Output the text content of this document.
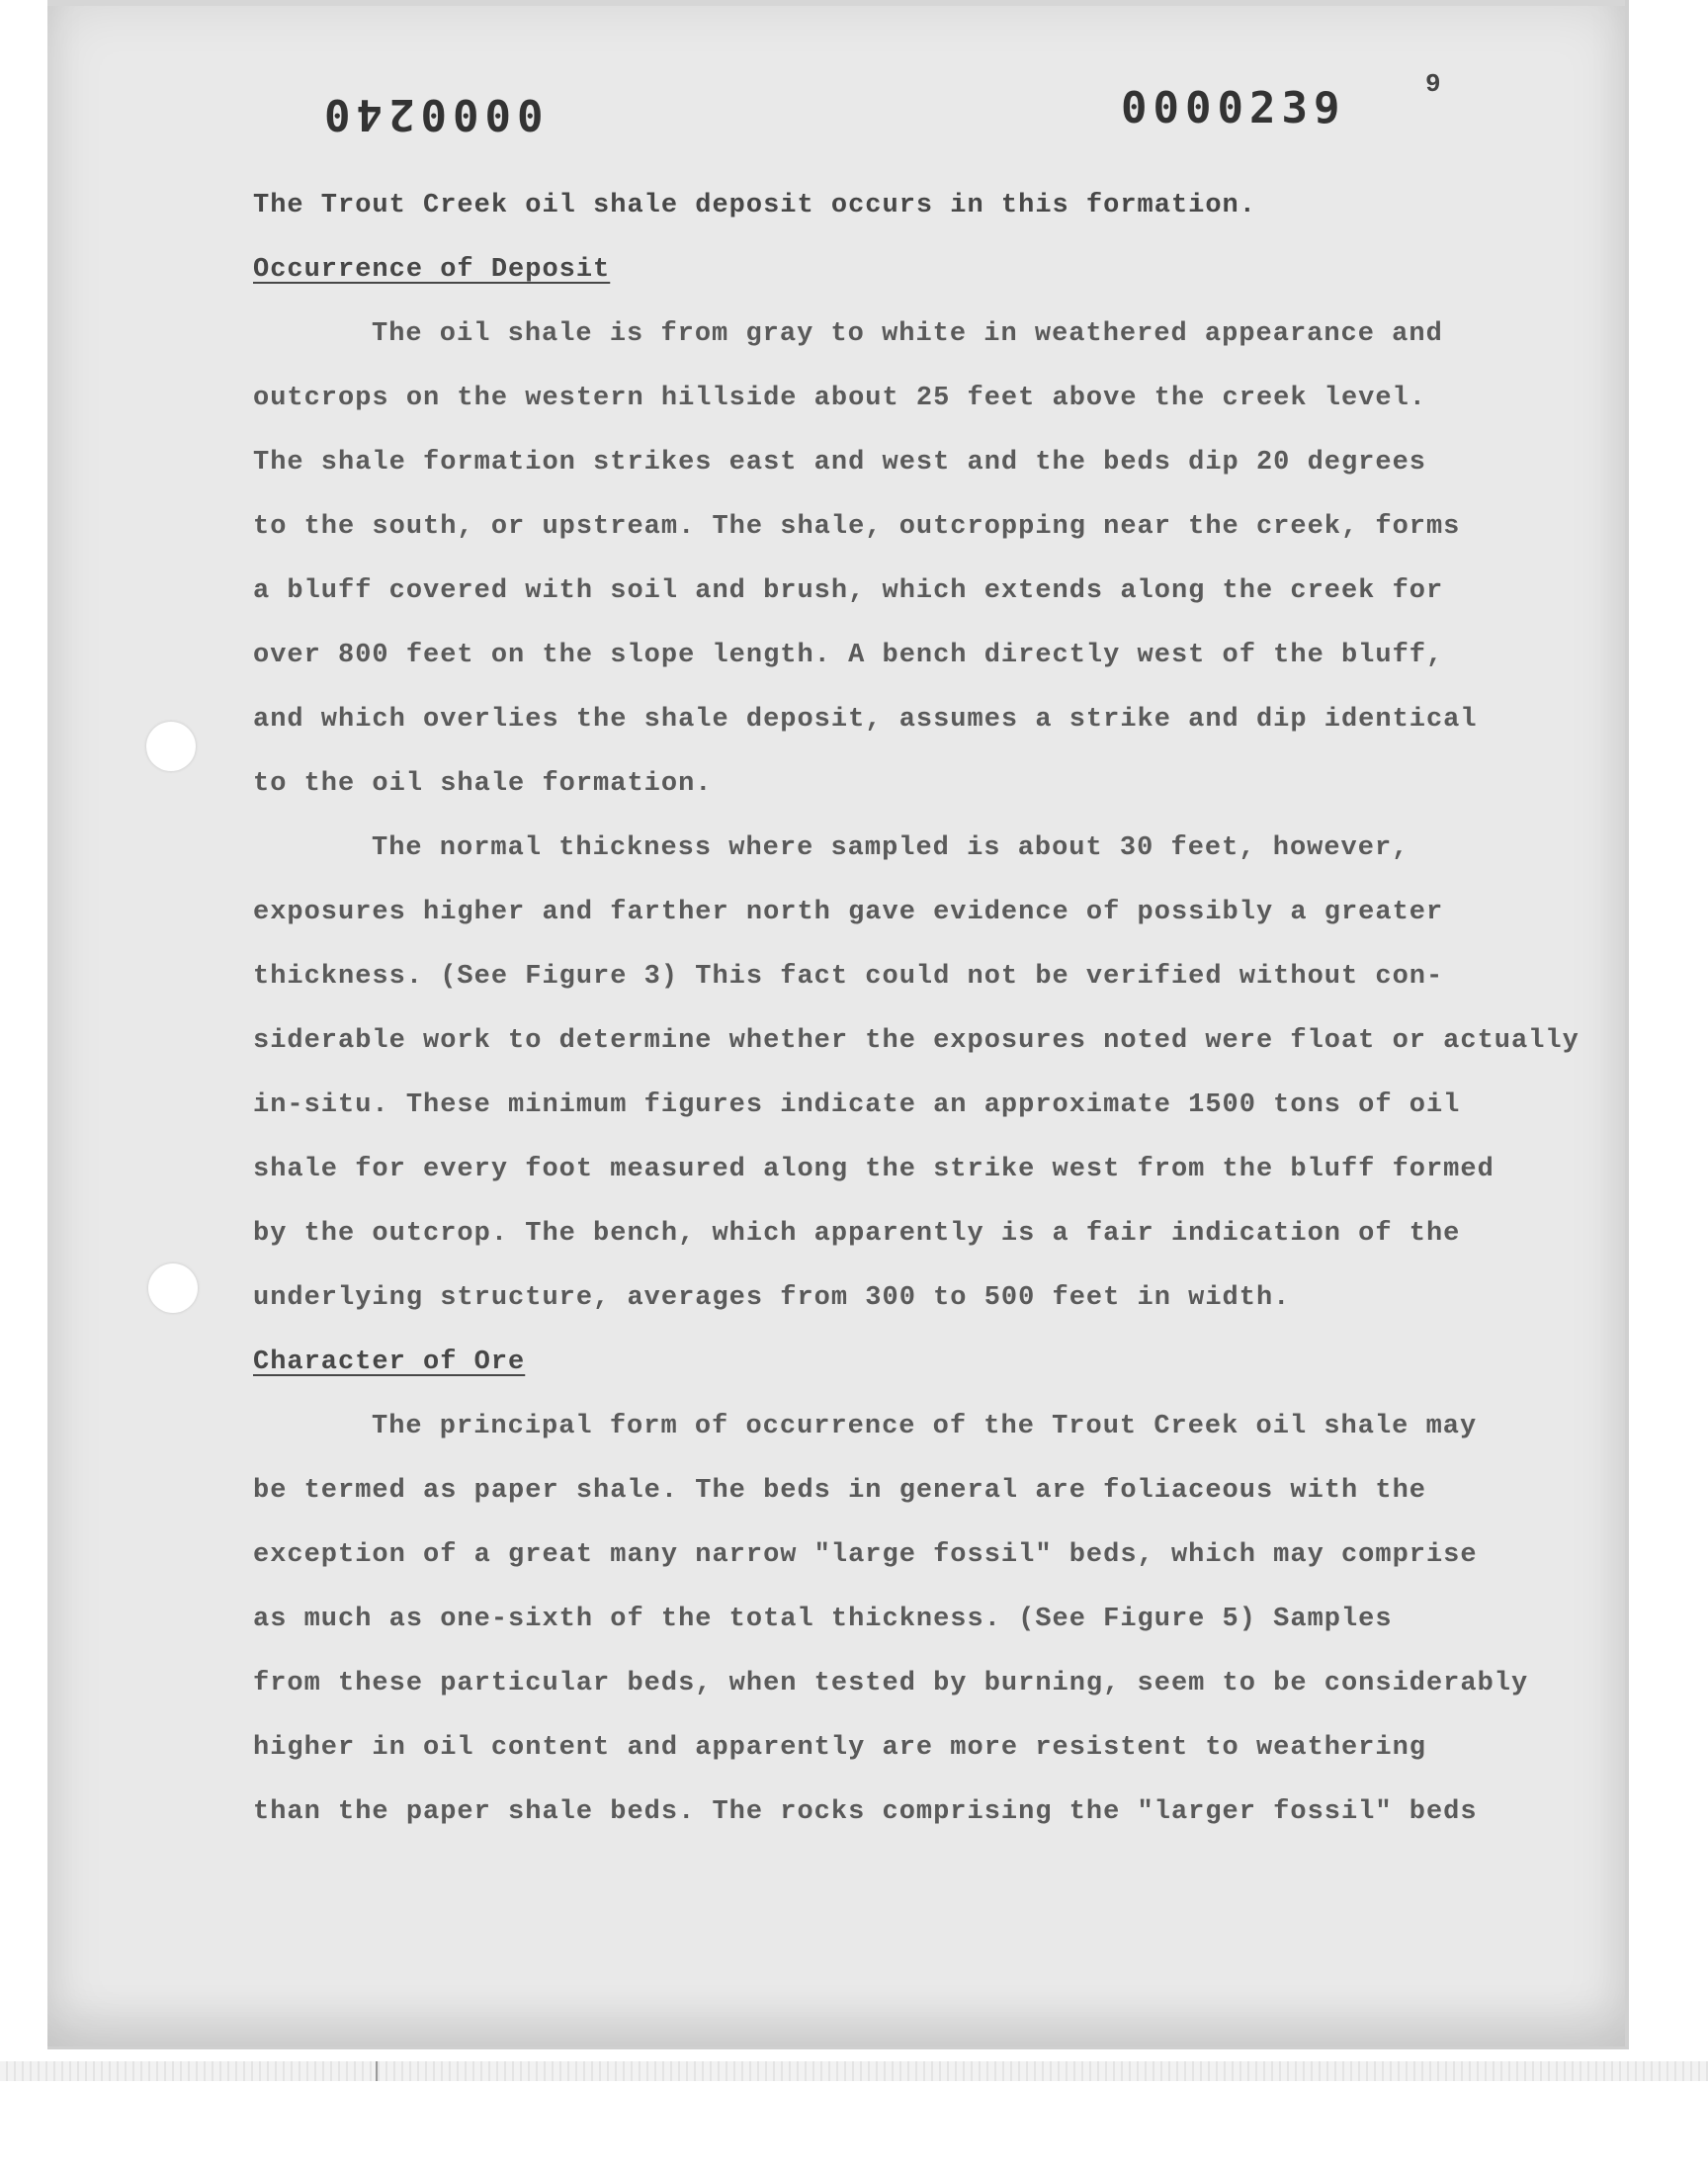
0000240	0000239	9
The Trout Creek oil shale deposit occurs in this formation.
Occurrence of Deposit
The oil shale is from gray to white in weathered appearance and
outcrops on the western hillside about 25 feet above the creek level.
The shale formation strikes east and west and the beds dip 20 degrees
to the south, or upstream. The shale, outcropping near the creek, forms
a bluff covered with soil and brush, which extends along the creek for
over 800 feet on the slope length. A bench directly west of the bluff,
and which overlies the shale deposit, assumes a strike and dip identical
to the oil shale formation.
The normal thickness where sampled is about 30 feet, however,
exposures higher and farther north gave evidence of possibly a greater
thickness. (See Figure 3) This fact could not be verified without con-
siderable work to determine whether the exposures noted were float or actually
in-situ. These minimum figures indicate an approximate 1500 tons of oil
shale for every foot measured along the strike west from the bluff formed
by the outcrop. The bench, which apparently is a fair indication of the
underlying structure, averages from 300 to 500 feet in width.
Character of Ore
The principal form of occurrence of the Trout Creek oil shale may
be termed as paper shale. The beds in general are foliaceous with the
exception of a great many narrow "large fossil" beds, which may comprise
as much as one-sixth of the total thickness. (See Figure 5) Samples
from these particular beds, when tested by burning, seem to be considerably
higher in oil content and apparently are more resistent to weathering
than the paper shale beds. The rocks comprising the "larger fossil" beds
